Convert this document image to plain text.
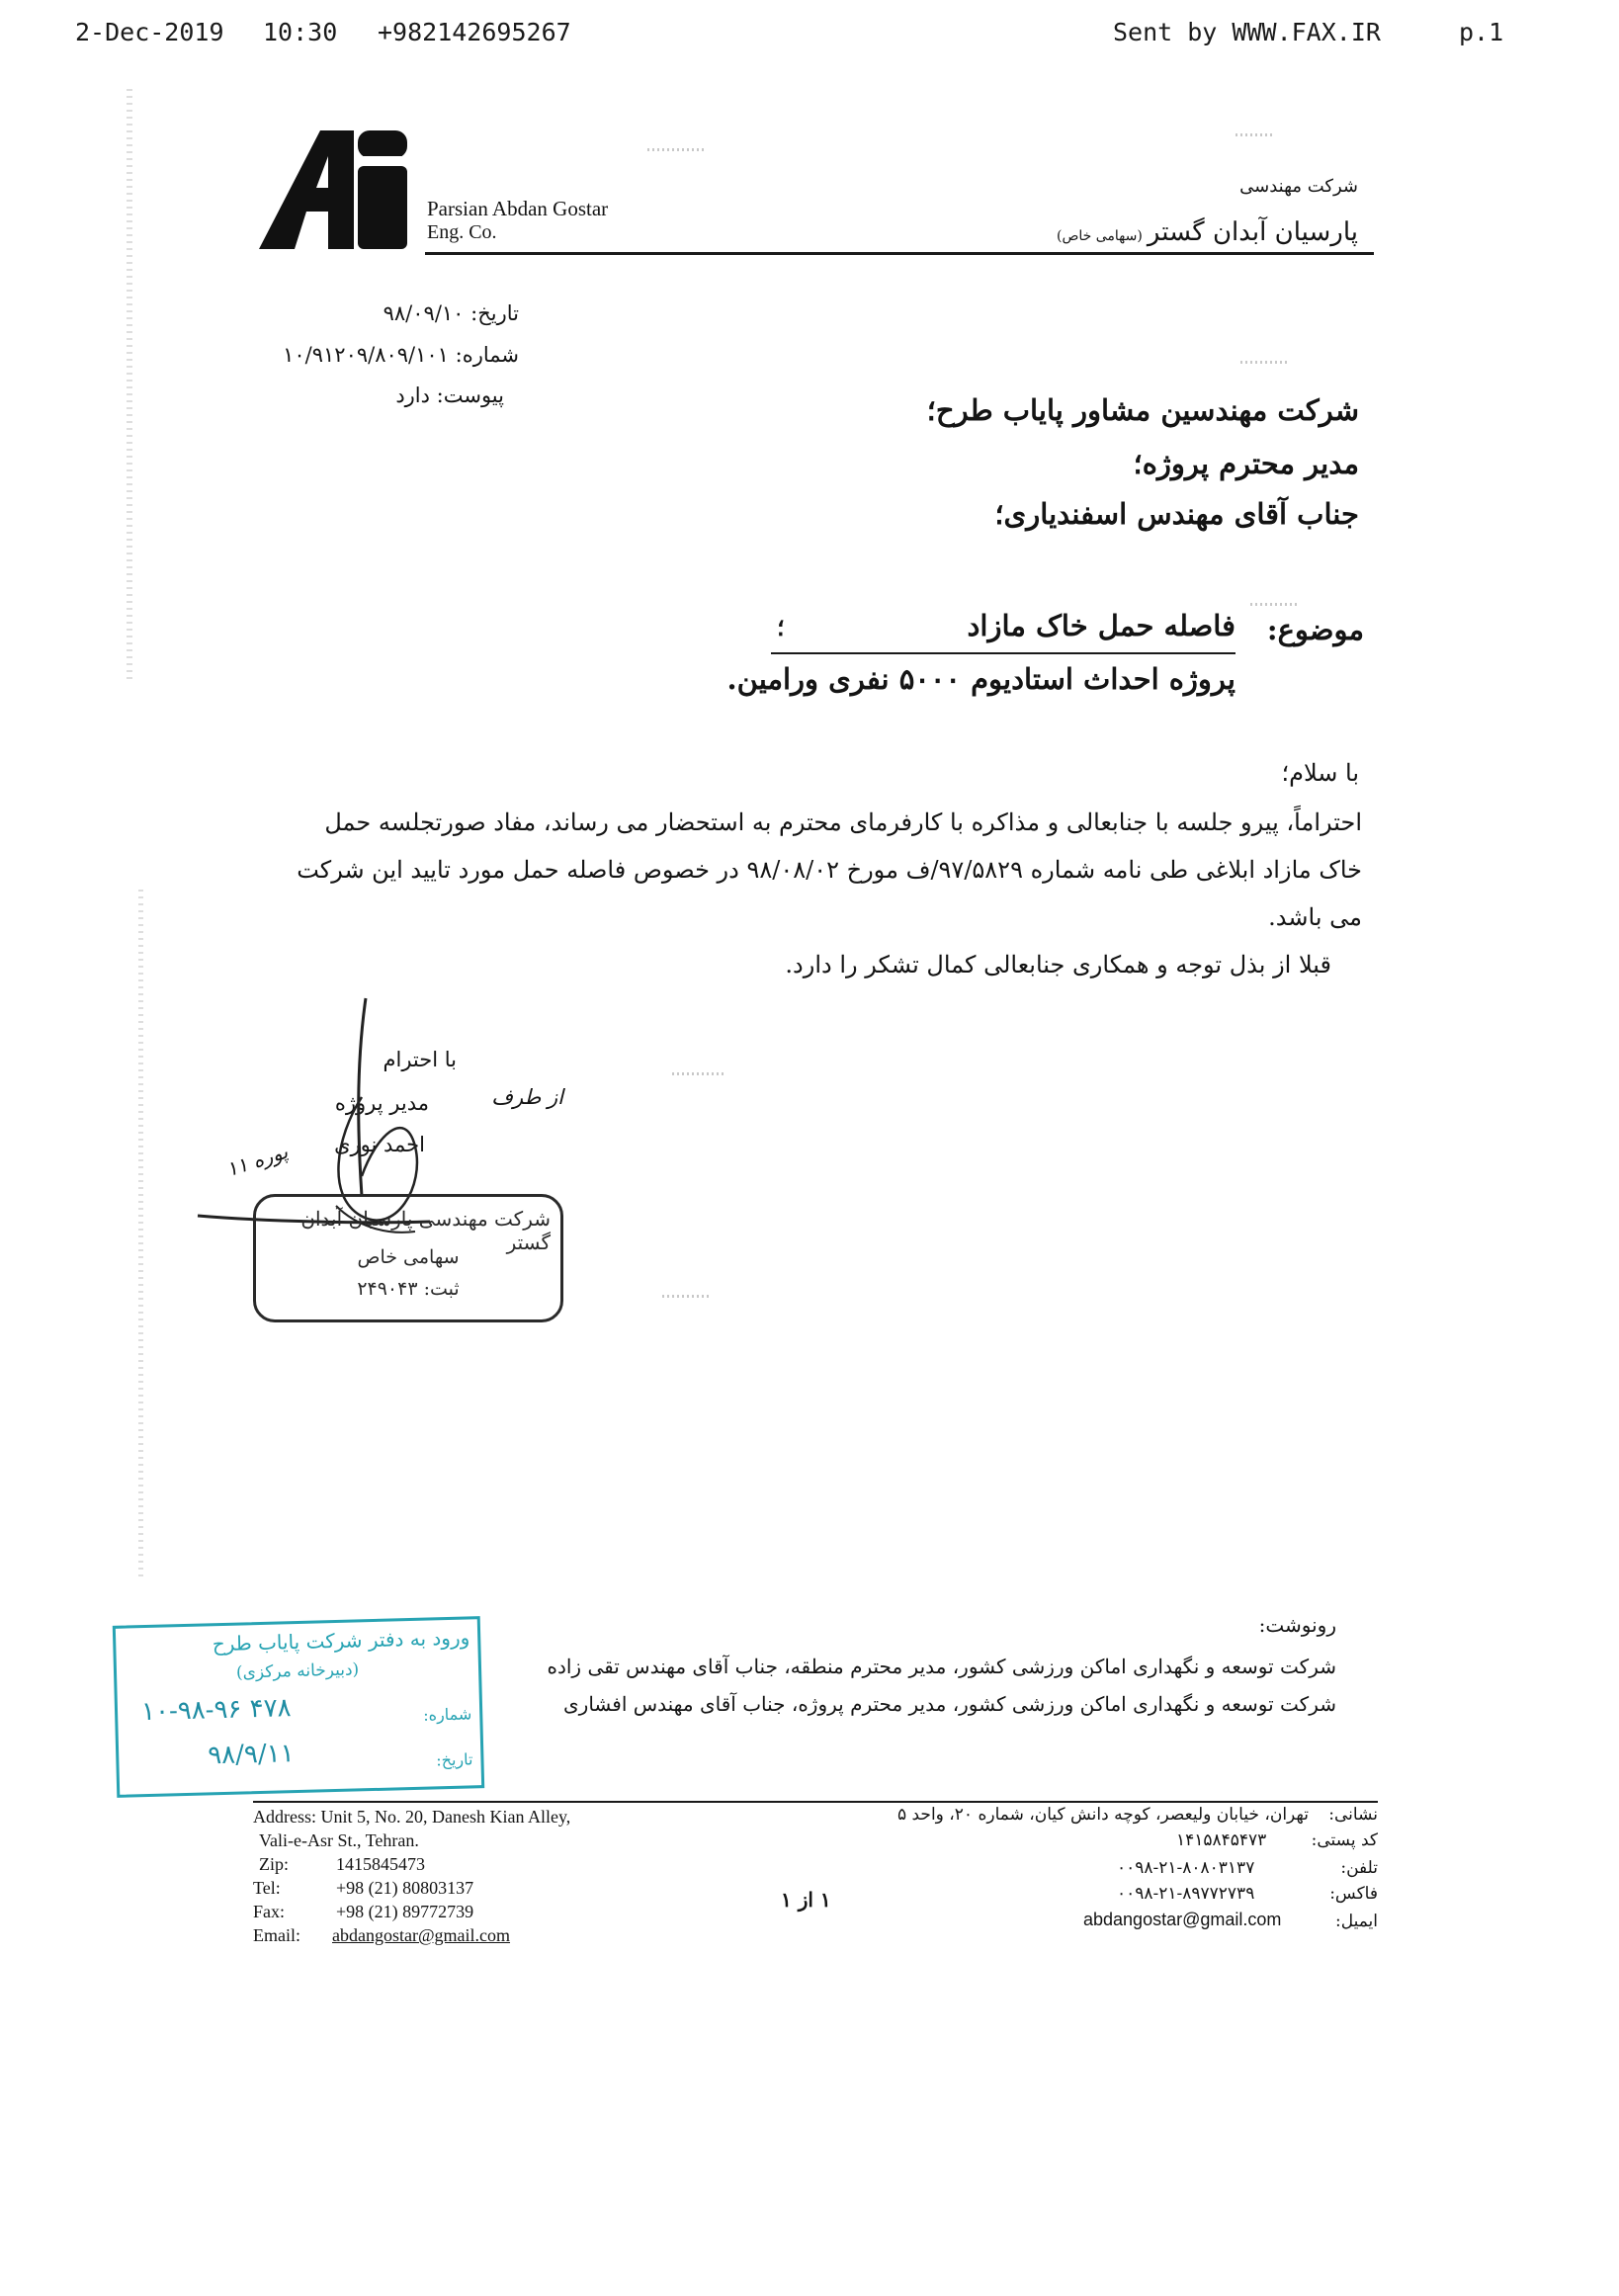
2-Dec-2019 10:30 +982142695267	Sent by WWW.FAX.IR	p.1
Parsian Abdan Gostar
Eng. Co.
شرکت مهندسی
پارسیان آبدان گستر (سهامی خاص)
تاریخ: ۹۸/۰۹/۱۰
شماره: ۱۰/۹۱۲۰۹/۸۰۹/۱۰۱
پیوست: دارد	شرکت مهندسین مشاور پایاب طرح؛
مدیر محترم پروژه؛
جناب آقای مهندس اسفندیاری؛
موضوع:
فاصله حمل خاک مازاد
؛
پروژه احداث استادیوم ۵۰۰۰ نفری ورامین.
با سلام؛
احتراماً، پیرو جلسه با جنابعالی و مذاکره با کارفرمای محترم به استحضار می رساند، مفاد صورتجلسه حمل
خاک مازاد ابلاغی طی نامه شماره ۹۷/۵۸۲۹/ف مورخ ۹۸/۰۸/۰۲ در خصوص فاصله حمل مورد تایید این شرکت
می باشد.
قبلا از بذل توجه و همکاری جنابعالی کمال تشکر را دارد.
با احترام
مدیر پروژه	از طرف
احمد نوری
۱۱ پوره
شرکت مهندسی پارسیان آبدان گستر
سهامی خاص
ثبت: ۲۴۹۰۴۳
ورود به دفتر شرکت پایاب طرح
(دبیرخانه مرکزی)
شماره:
۱۰-۹۸-۹۶ ۴۷۸
تاریخ:
۹۸/۹/۱۱
رونوشت:
شرکت توسعه و نگهداری اماکن ورزشی کشور، مدیر محترم منطقه، جناب آقای مهندس تقی زاده
شرکت توسعه و نگهداری اماکن ورزشی کشور، مدیر محترم پروژه، جناب آقای مهندس افشاری
Address: Unit 5, No. 20, Danesh Kian Alley,
Vali-e-Asr St., Tehran.
Zip:	1415845473
Tel:	+98 (21) 80803137
Fax:	+98 (21) 89772739
Email: abdangostar@gmail.com
۱ از ۱
نشانی:
تهران، خیابان ولیعصر، کوچه دانش کیان، شماره ۲۰، واحد ۵
کد پستی:
۱۴۱۵۸۴۵۴۷۳
تلفن:
۰۰۹۸-۲۱-۸۰۸۰۳۱۳۷
فاکس:
۰۰۹۸-۲۱-۸۹۷۷۲۷۳۹
ایمیل:
abdangostar@gmail.com
